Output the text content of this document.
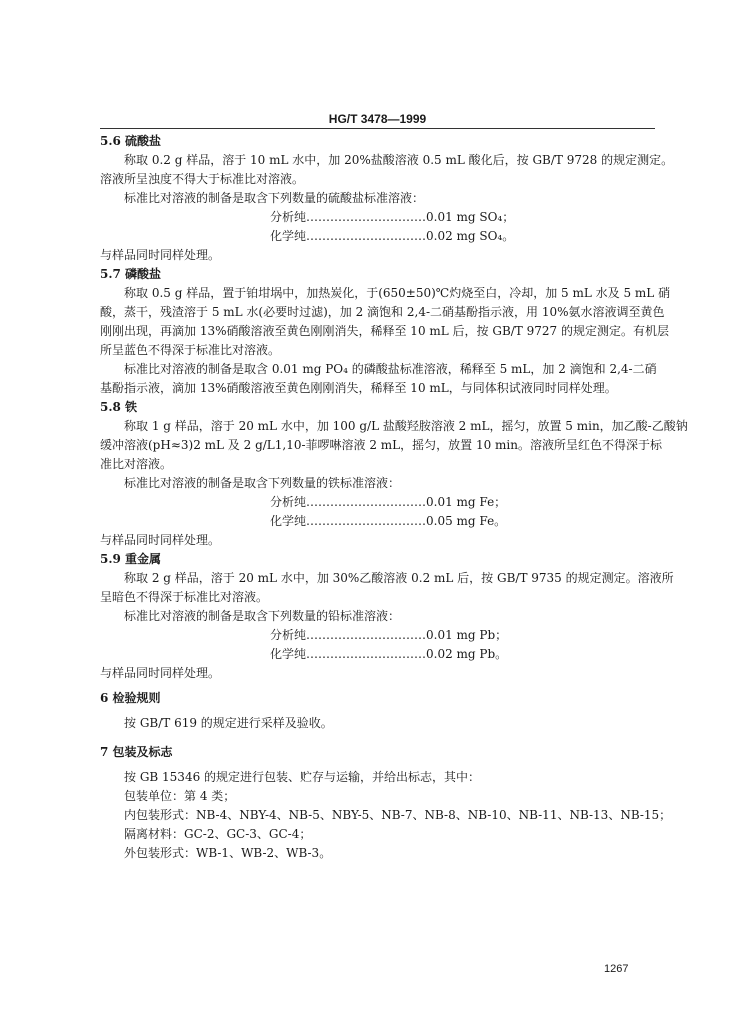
HG/T 3478—1999
5.6 硫酸盐
称取 0.2 g 样品，溶于 10 mL 水中，加 20%盐酸溶液 0.5 mL 酸化后，按 GB/T 9728 的规定测定。
溶液所呈浊度不得大于标准比对溶液。
标准比对溶液的制备是取含下列数量的硫酸盐标准溶液：
分析纯…………………………0.01 mg SO₄；
化学纯…………………………0.02 mg SO₄。
与样品同时同样处理。
5.7 磷酸盐
称取 0.5 g 样品，置于铂坩埚中，加热炭化，于(650±50)℃灼烧至白，冷却，加 5 mL 水及 5 mL 硝
酸，蒸干，残渣溶于 5 mL 水(必要时过滤)，加 2 滴饱和 2,4-二硝基酚指示液，用 10%氨水溶液调至黄色
刚刚出现，再滴加 13%硝酸溶液至黄色刚刚消失，稀释至 10 mL 后，按 GB/T 9727 的规定测定。有机层
所呈蓝色不得深于标准比对溶液。
标准比对溶液的制备是取含 0.01 mg PO₄ 的磷酸盐标准溶液，稀释至 5 mL，加 2 滴饱和 2,4-二硝
基酚指示液，滴加 13%硝酸溶液至黄色刚刚消失，稀释至 10 mL，与同体积试液同时同样处理。
5.8 铁
称取 1 g 样品，溶于 20 mL 水中，加 100 g/L 盐酸羟胺溶液 2 mL，摇匀，放置 5 min，加乙酸-乙酸钠
缓冲溶液(pH≈3)2 mL 及 2 g/L1,10-菲啰啉溶液 2 mL，摇匀，放置 10 min。溶液所呈红色不得深于标
准比对溶液。
标准比对溶液的制备是取含下列数量的铁标准溶液：
分析纯…………………………0.01 mg Fe；
化学纯…………………………0.05 mg Fe。
与样品同时同样处理。
5.9 重金属
称取 2 g 样品，溶于 20 mL 水中，加 30%乙酸溶液 0.2 mL 后，按 GB/T 9735 的规定测定。溶液所
呈暗色不得深于标准比对溶液。
标准比对溶液的制备是取含下列数量的铅标准溶液：
分析纯…………………………0.01 mg Pb；
化学纯…………………………0.02 mg Pb。
与样品同时同样处理。
6 检验规则
按 GB/T 619 的规定进行采样及验收。
7 包装及标志
按 GB 15346 的规定进行包装、贮存与运输，并给出标志，其中：
包装单位：第 4 类；
内包装形式：NB-4、NBY-4、NB-5、NBY-5、NB-7、NB-8、NB-10、NB-11、NB-13、NB-15；
隔离材料：GC-2、GC-3、GC-4；
外包装形式：WB-1、WB-2、WB-3。
1267
